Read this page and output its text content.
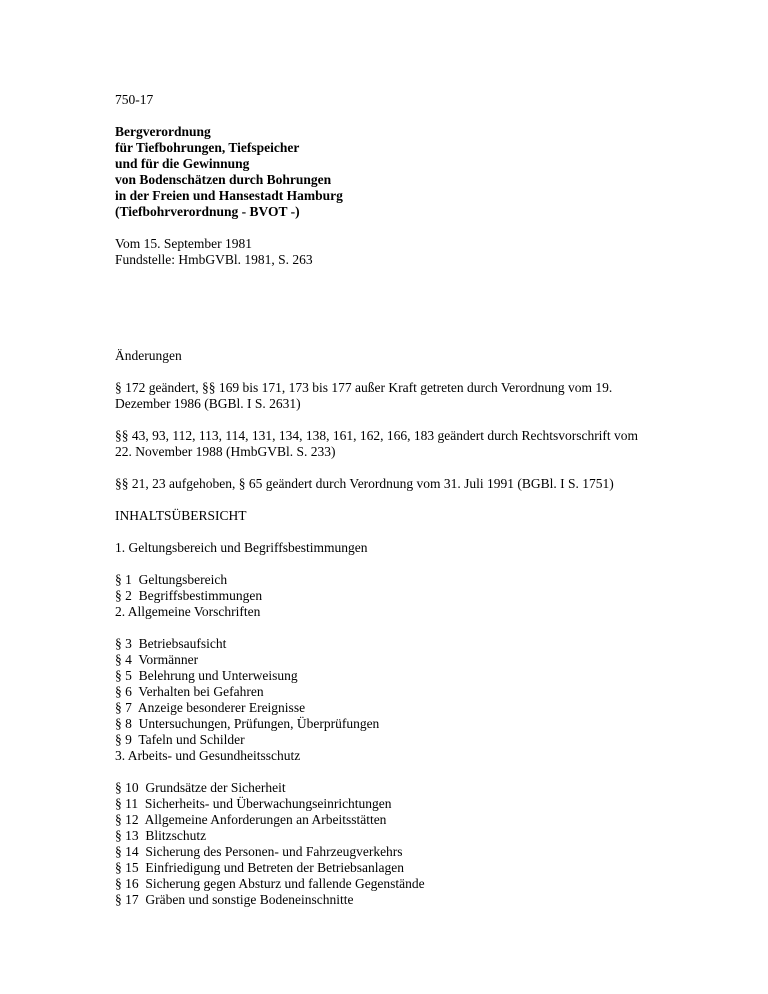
750-17
Bergverordnung
für Tiefbohrungen, Tiefspeicher
und für die Gewinnung
von Bodenschätzen durch Bohrungen
in der Freien und Hansestadt Hamburg
(Tiefbohrverordnung - BVOT -)
Vom 15. September 1981
Fundstelle: HmbGVBl. 1981, S. 263
Änderungen
§ 172 geändert, §§ 169 bis 171, 173 bis 177 außer Kraft getreten durch Verordnung vom 19.
Dezember 1986 (BGBl. I S. 2631)
§§ 43, 93, 112, 113, 114, 131, 134, 138, 161, 162, 166, 183 geändert durch Rechtsvorschrift vom
22. November 1988 (HmbGVBl. S. 233)
§§ 21, 23 aufgehoben, § 65 geändert durch Verordnung vom 31. Juli 1991 (BGBl. I S. 1751)
INHALTSÜBERSICHT
1. Geltungsbereich und Begriffsbestimmungen
§ 1  Geltungsbereich
§ 2  Begriffsbestimmungen
2. Allgemeine Vorschriften
§ 3  Betriebsaufsicht
§ 4  Vormänner
§ 5  Belehrung und Unterweisung
§ 6  Verhalten bei Gefahren
§ 7  Anzeige besonderer Ereignisse
§ 8  Untersuchungen, Prüfungen, Überprüfungen
§ 9  Tafeln und Schilder
3. Arbeits- und Gesundheitsschutz
§ 10  Grundsätze der Sicherheit
§ 11  Sicherheits- und Überwachungseinrichtungen
§ 12  Allgemeine Anforderungen an Arbeitsstätten
§ 13  Blitzschutz
§ 14  Sicherung des Personen- und Fahrzeugverkehrs
§ 15  Einfriedigung und Betreten der Betriebsanlagen
§ 16  Sicherung gegen Absturz und fallende Gegenstände
§ 17  Gräben und sonstige Bodeneinschnitte
